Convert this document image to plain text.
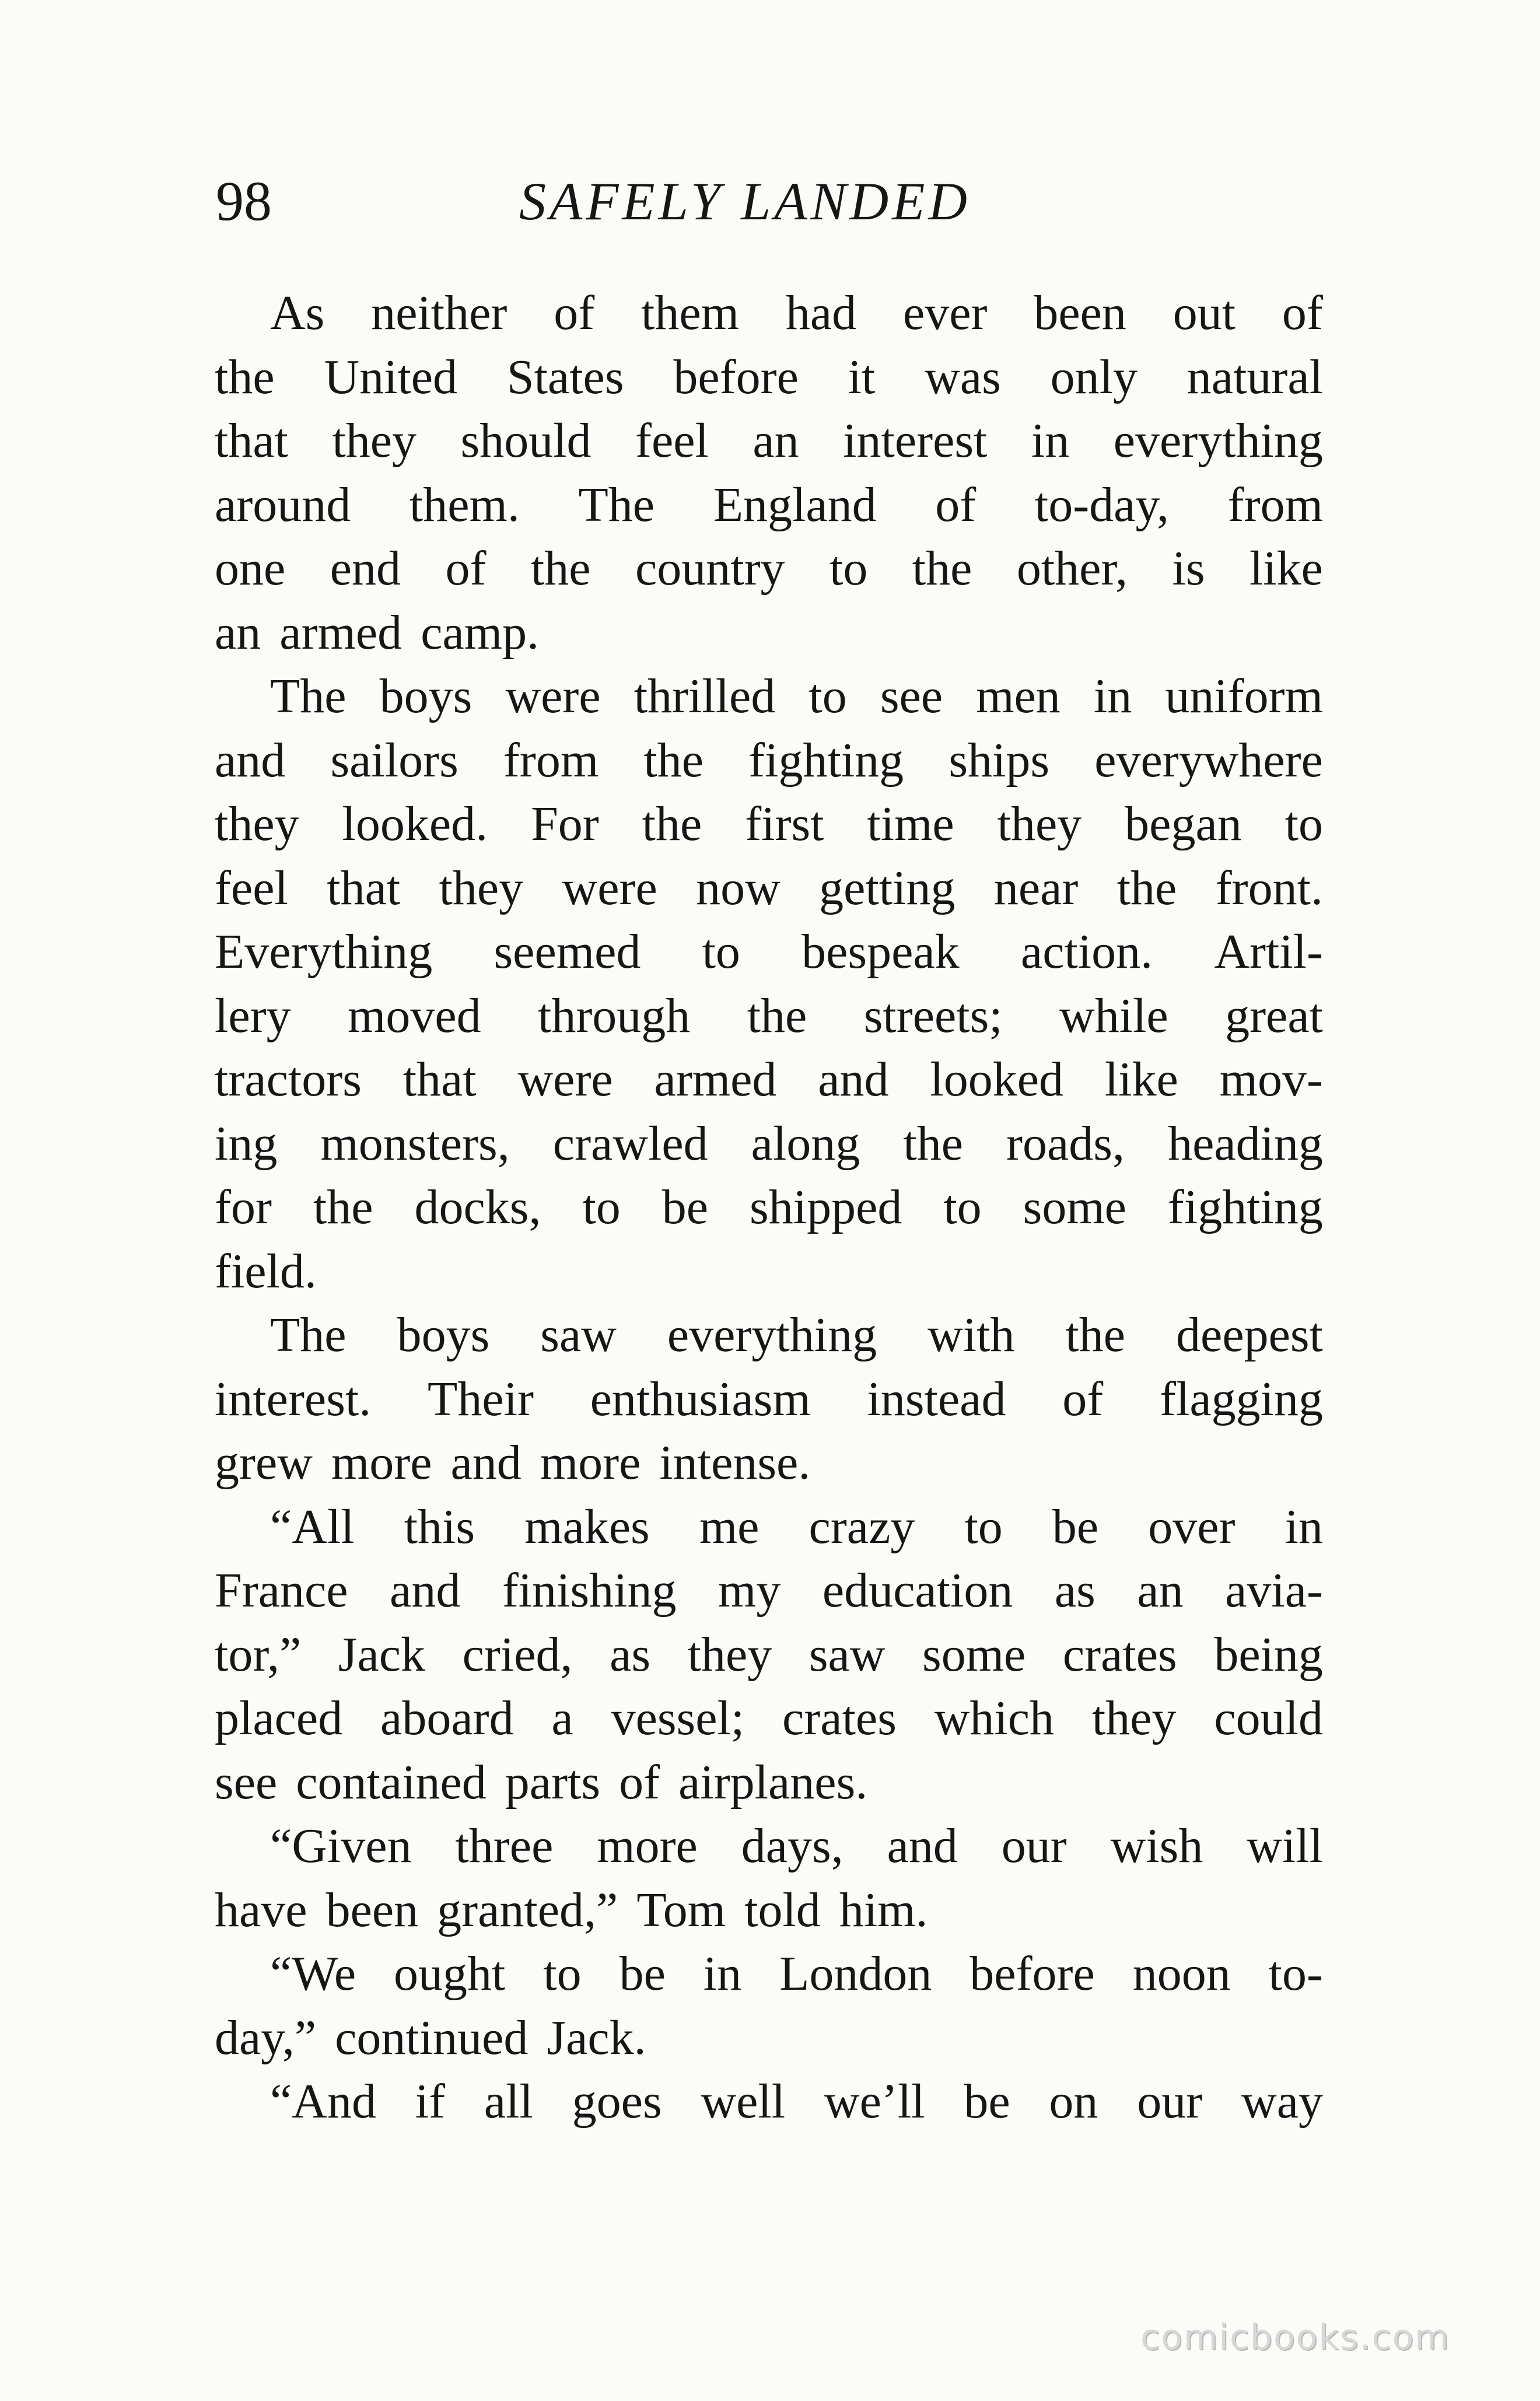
98	SAFELY LANDED
As neither of them had ever been out of
the United States before it was only natural
that they should feel an interest in everything
around them. The England of to-day, from
one end of the country to the other, is like
an armed camp.
The boys were thrilled to see men in uniform
and sailors from the fighting ships everywhere
they looked. For the first time they began to
feel that they were now getting near the front.
Everything seemed to bespeak action. Artil-
lery moved through the streets; while great
tractors that were armed and looked like mov-
ing monsters, crawled along the roads, heading
for the docks, to be shipped to some fighting
field.
The boys saw everything with the deepest
interest. Their enthusiasm instead of flagging
grew more and more intense.
“All this makes me crazy to be over in
France and finishing my education as an avia-
tor,” Jack cried, as they saw some crates being
placed aboard a vessel; crates which they could
see contained parts of airplanes.
“Given three more days, and our wish will
have been granted,” Tom told him.
“We ought to be in London before noon to-
day,” continued Jack.
“And if all goes well we’ll be on our way
comicbooks.com
